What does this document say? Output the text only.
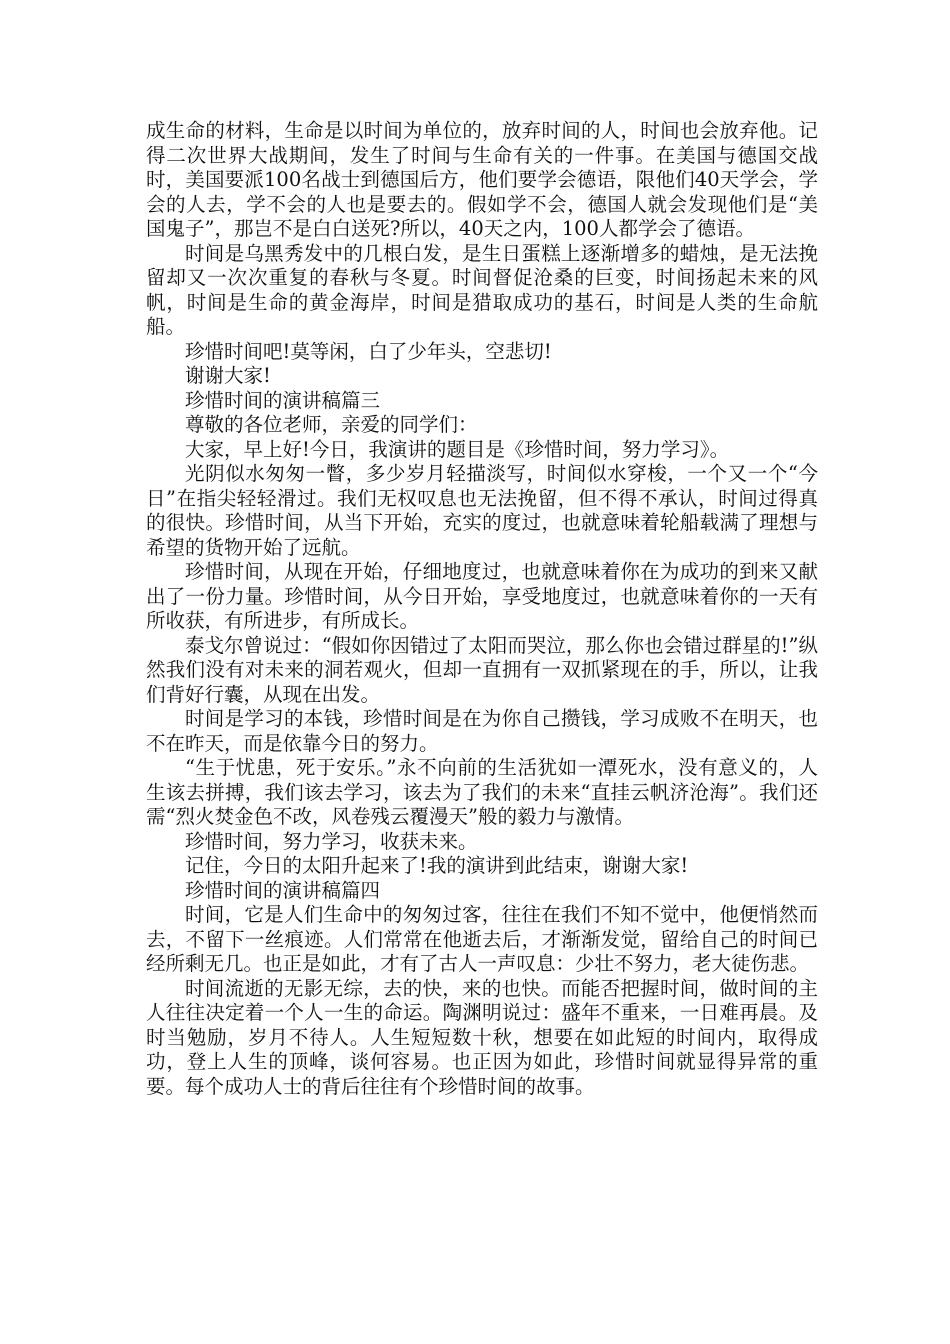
成生命的材料，生命是以时间为单位的，放弃时间的人，时间也会放弃他。记得二次世界大战期间，发生了时间与生命有关的一件事。在美国与德国交战时，美国要派100名战士到德国后方，他们要学会德语，限他们40天学会，学会的人去，学不会的人也是要去的。假如学不会，德国人就会发现他们是“美国鬼子”，那岂不是白白送死?所以，40天之内，100人都学会了德语。

时间是乌黑秀发中的几根白发，是生日蛋糕上逐渐增多的蜡烛，是无法挽留却又一次次重复的春秋与冬夏。时间督促沧桑的巨变，时间扬起未来的风帆，时间是生命的黄金海岸，时间是猎取成功的基石，时间是人类的生命航船。

珍惜时间吧!莫等闲，白了少年头，空悲切!

谢谢大家!

珍惜时间的演讲稿篇三

尊敬的各位老师，亲爱的同学们：

大家，早上好!今日，我演讲的题目是《珍惜时间，努力学习》。

光阴似水匆匆一瞥，多少岁月轻描淡写，时间似水穿梭，一个又一个“今日”在指尖轻轻滑过。我们无权叹息也无法挽留，但不得不承认，时间过得真的很快。珍惜时间，从当下开始，充实的度过，也就意味着轮船载满了理想与希望的货物开始了远航。

珍惜时间，从现在开始，仔细地度过，也就意味着你在为成功的到来又献出了一份力量。珍惜时间，从今日开始，享受地度过，也就意味着你的一天有所收获，有所进步，有所成长。

泰戈尔曾说过：“假如你因错过了太阳而哭泣，那么你也会错过群星的!”纵然我们没有对未来的洞若观火，但却一直拥有一双抓紧现在的手，所以，让我们背好行囊，从现在出发。

时间是学习的本钱，珍惜时间是在为你自己攒钱，学习成败不在明天，也不在昨天，而是依靠今日的努力。

“生于忧患，死于安乐。”永不向前的生活犹如一潭死水，没有意义的，人生该去拼搏，我们该去学习，该去为了我们的未来“直挂云帆济沧海”。我们还需“烈火焚金色不改，风卷残云覆漫天”般的毅力与激情。

珍惜时间，努力学习，收获未来。

记住，今日的太阳升起来了!我的演讲到此结束，谢谢大家!

珍惜时间的演讲稿篇四

时间，它是人们生命中的匆匆过客，往往在我们不知不觉中，他便悄然而去，不留下一丝痕迹。人们常常在他逝去后，才渐渐发觉，留给自己的时间已经所剩无几。也正是如此，才有了古人一声叹息：少壮不努力，老大徒伤悲。

时间流逝的无影无综，去的快，来的也快。而能否把握时间，做时间的主人往往决定着一个人一生的命运。陶渊明说过：盛年不重来，一日难再晨。及时当勉励，岁月不待人。人生短短数十秋，想要在如此短的时间内，取得成功，登上人生的顶峰，谈何容易。也正因为如此，珍惜时间就显得异常的重要。每个成功人士的背后往往有个珍惜时间的故事。
